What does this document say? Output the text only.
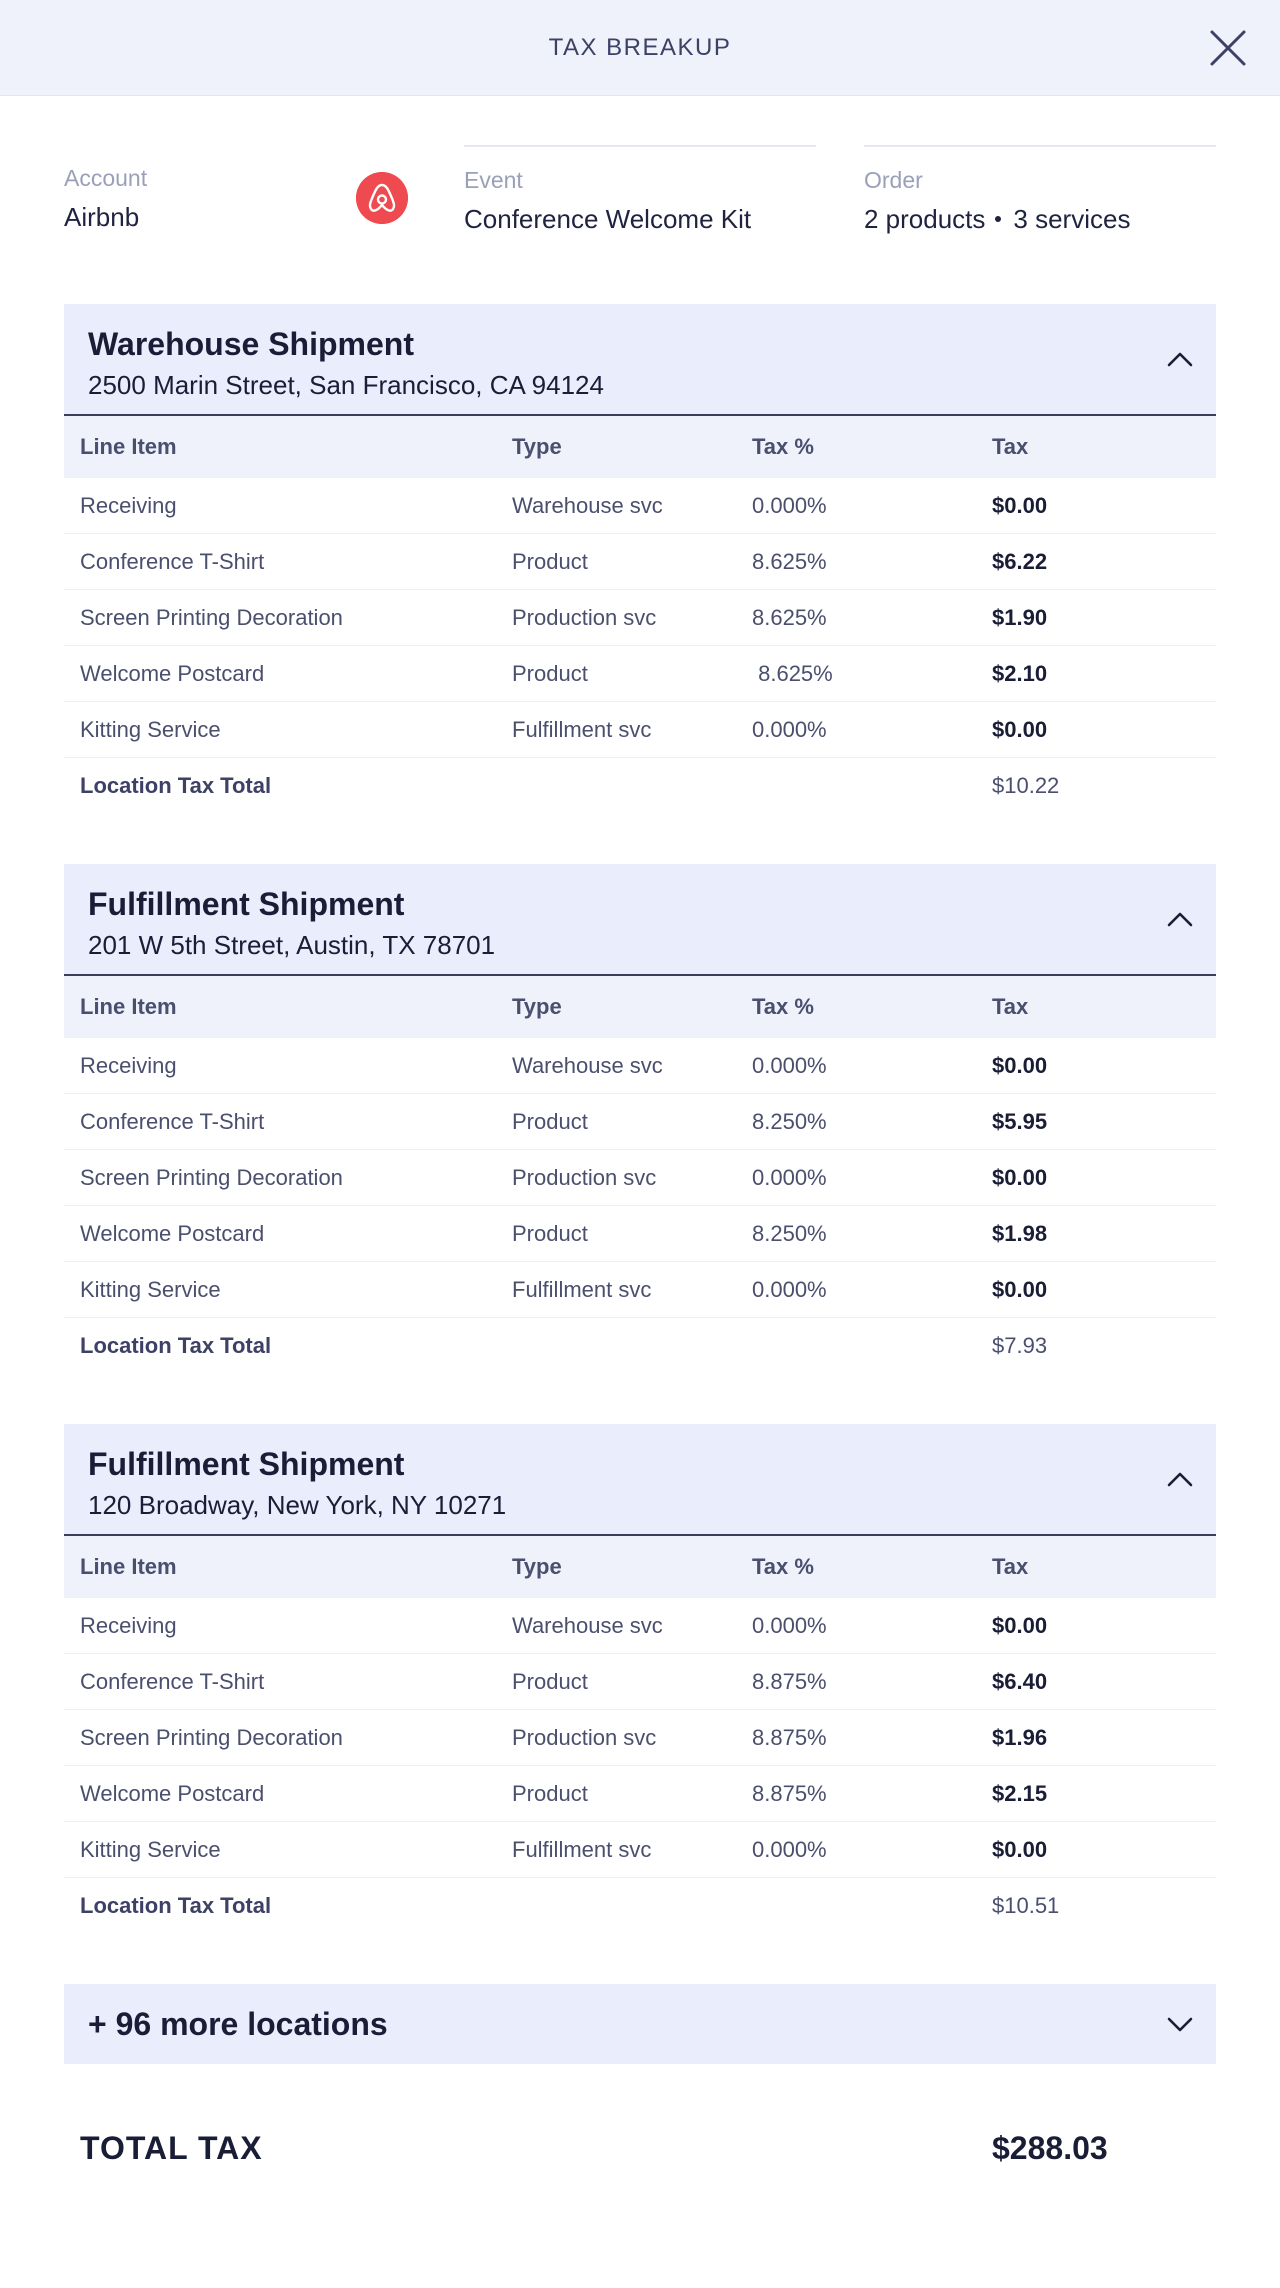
TAX BREAKUP
Account
Airbnb
Event
Conference Welcome Kit
Order
2 products 3 services
Warehouse Shipment
2500 Marin Street, San Francisco, CA 94124
Line Item	Type	Tax %	Tax
Receiving	Warehouse svc	0.000%	$0.00
Conference T-Shirt	Product	8.625%	$6.22
Screen Printing Decoration	Production svc	8.625%	$1.90
Welcome Postcard	Product	8.625%	$2.10
Kitting Service	Fulfillment svc	0.000%	$0.00
Location Tax Total	$10.22
Fulfillment Shipment
201 W 5th Street, Austin, TX 78701
Line Item	Type	Tax %	Tax
Receiving	Warehouse svc	0.000%	$0.00
Conference T-Shirt	Product	8.250%	$5.95
Screen Printing Decoration	Production svc	0.000%	$0.00
Welcome Postcard	Product	8.250%	$1.98
Kitting Service	Fulfillment svc	0.000%	$0.00
Location Tax Total	$7.93
Fulfillment Shipment
120 Broadway, New York, NY 10271
Line Item	Type	Tax %	Tax
Receiving	Warehouse svc	0.000%	$0.00
Conference T-Shirt	Product	8.875%	$6.40
Screen Printing Decoration	Production svc	8.875%	$1.96
Welcome Postcard	Product	8.875%	$2.15
Kitting Service	Fulfillment svc	0.000%	$0.00
Location Tax Total	$10.51
+ 96 more locations
TOTAL TAX	$288.03
